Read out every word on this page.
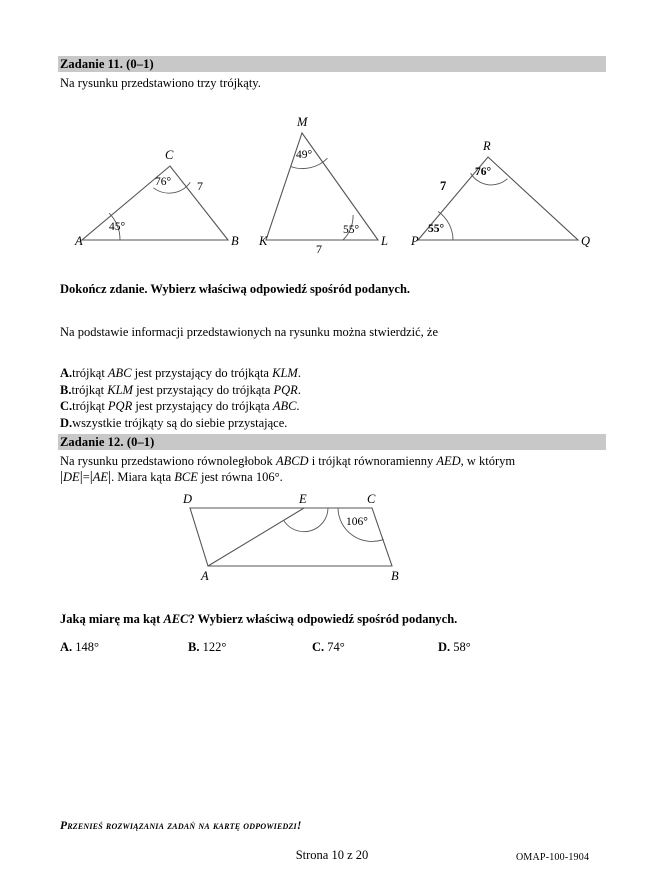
Zadanie 11. (0–1)
Na rysunku przedstawiono trzy trójkąty.
A	B
C
45°
76° 7
K	L
M
49°
55°
7
P	Q
R
76°
55°
7
Dokończ zdanie. Wybierz właściwą odpowiedź spośród podanych.
Na podstawie informacji przedstawionych na rysunku można stwierdzić, że
A.trójkąt ABC jest przystający do trójkąta KLM.
B.trójkąt KLM jest przystający do trójkąta PQR.
C.trójkąt PQR jest przystający do trójkąta ABC.
D.wszystkie trójkąty są do siebie przystające.
Zadanie 12. (0–1)
Na rysunku przedstawiono równoległobok ABCD i trójkąt równoramienny AED, w którym
|DE|=|AE|. Miara kąta BCE jest równa 106°.
D	E	C
A	B
106°
Jaką miarę ma kąt AEC? Wybierz właściwą odpowiedź spośród podanych.
A. 148°	B. 122°	C. 74°	D. 58°
Przenieś rozwiązania zadań na kartę odpowiedzi!
Strona 10 z 20	OMAP-100-1904
